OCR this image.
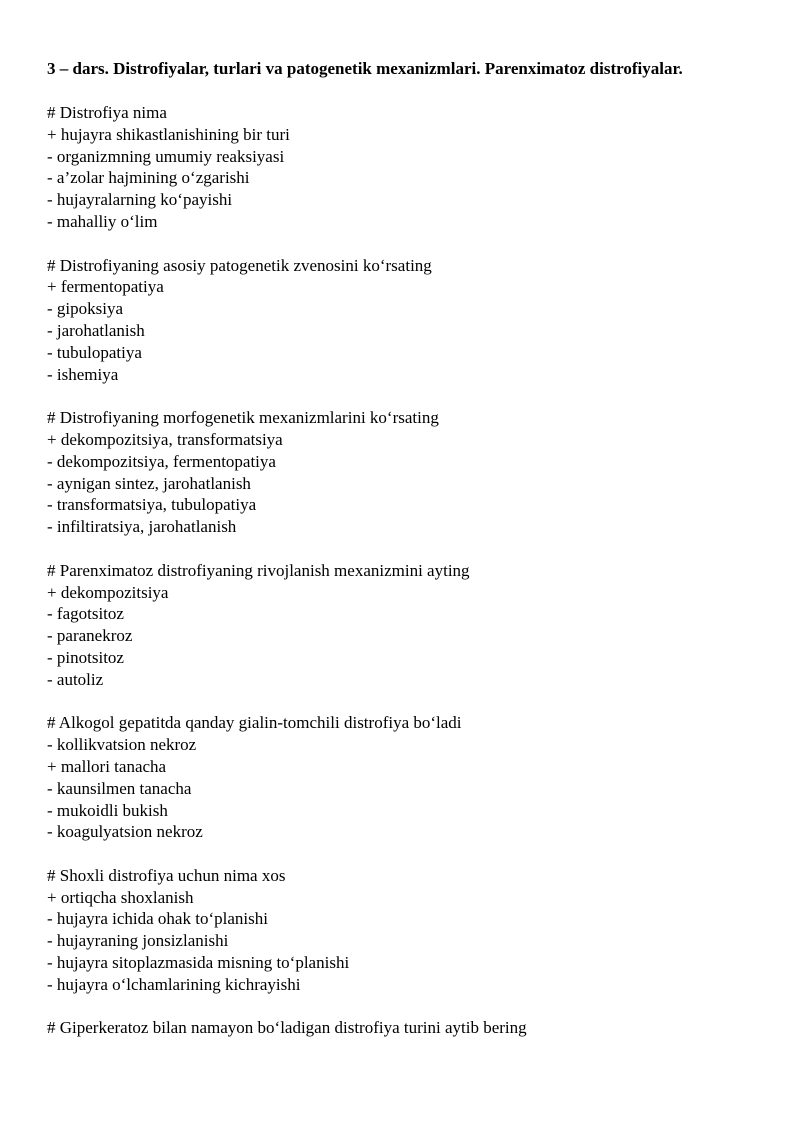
3 – dars. Distrofiyalar, turlari va patogenetik mexanizmlari. Parenximatoz distrofiyalar.
# Distrofiya nima
+ hujayra shikastlanishining bir turi
- organizmning umumiy reaksiyasi
- a’zolar hajmining o‘zgarishi
- hujayralarning ko‘payishi
- mahalliy o‘lim
# Distrofiyaning asosiy patogenetik zvenosini ko‘rsating
+ fermentopatiya
- gipoksiya
- jarohatlanish
- tubulopatiya
- ishemiya
# Distrofiyaning morfogenetik mexanizmlarini ko‘rsating
+ dekompozitsiya, transformatsiya
- dekompozitsiya, fermentopatiya
- aynigan sintez, jarohatlanish
- transformatsiya, tubulopatiya
- infiltiratsiya, jarohatlanish
# Parenximatoz distrofiyaning rivojlanish mexanizmini ayting
+ dekompozitsiya
- fagotsitoz
- paranekroz
- pinotsitoz
- autoliz
# Alkogol gepatitda qanday gialin-tomchili distrofiya bo‘ladi
- kollikvatsion nekroz
+ mallori tanacha
- kaunsilmen tanacha
- mukoidli bukish
- koagulyatsion nekroz
# Shoxli distrofiya uchun nima xos
+ ortiqcha shoxlanish
- hujayra ichida ohak to‘planishi
- hujayraning jonsizlanishi
- hujayra sitoplazmasida misning to‘planishi
- hujayra o‘lchamlarining kichrayishi
# Giperkeratoz bilan namayon bo‘ladigan distrofiya turini aytib bering
